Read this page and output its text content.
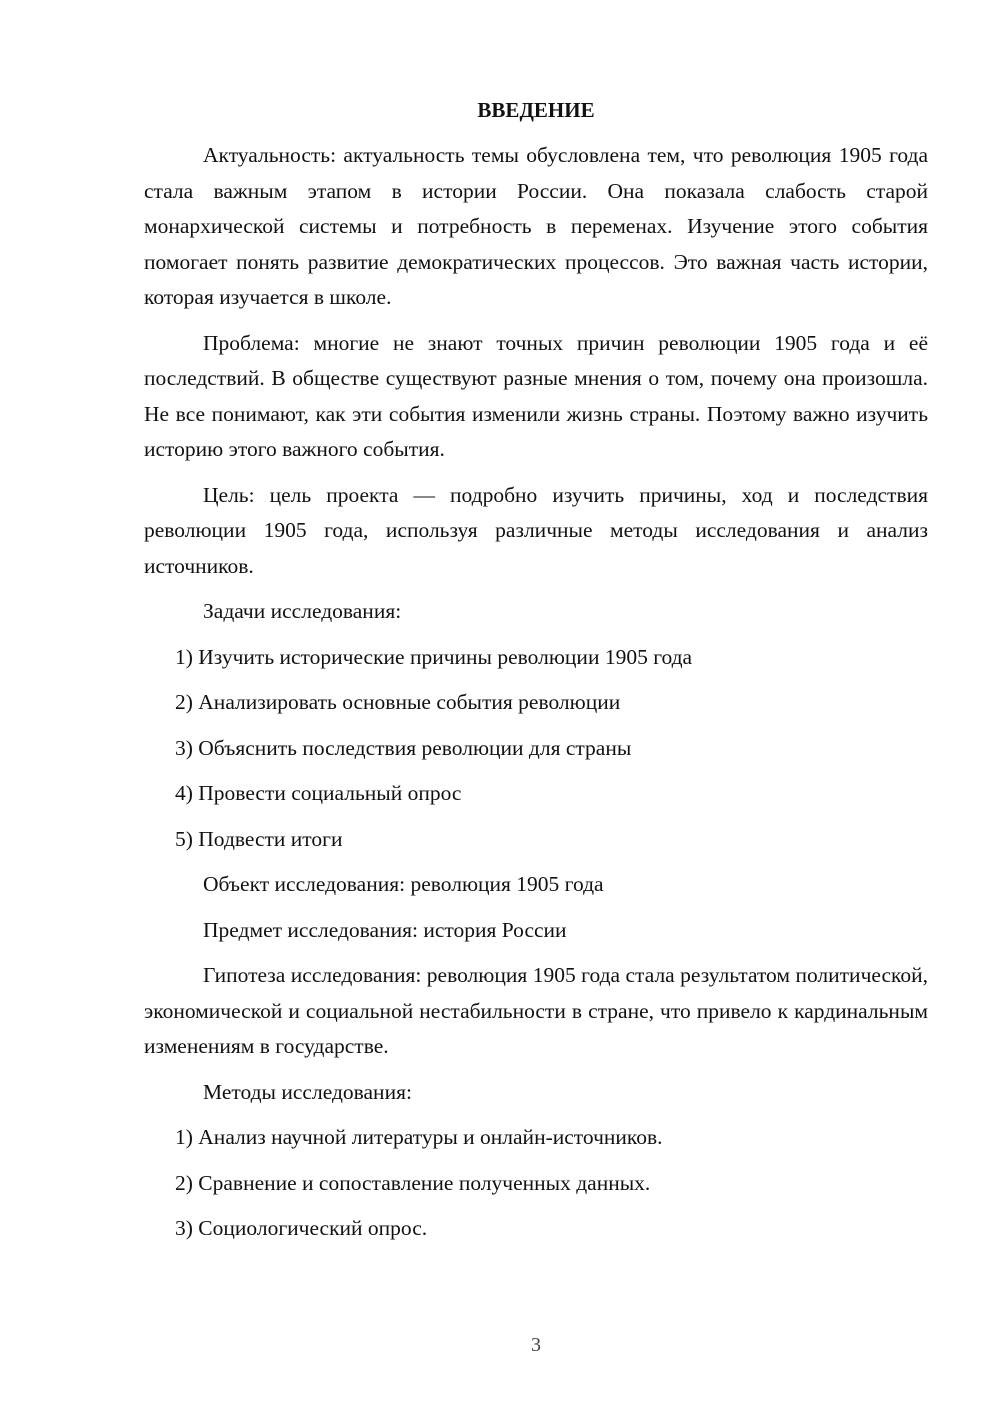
ВВЕДЕНИЕ

Актуальность: актуальность темы обусловлена тем, что революция 1905 года стала важным этапом в истории России. Она показала слабость старой монархической системы и потребность в переменах. Изучение этого события помогает понять развитие демократических процессов. Это важная часть истории, которая изучается в школе.

Проблема: многие не знают точных причин революции 1905 года и её последствий. В обществе существуют разные мнения о том, почему она произошла. Не все понимают, как эти события изменили жизнь страны. Поэтому важно изучить историю этого важного события.

Цель: цель проекта — подробно изучить причины, ход и последствия революции 1905 года, используя различные методы исследования и анализ источников.

Задачи исследования:

1) Изучить исторические причины революции 1905 года

2) Анализировать основные события революции

3) Объяснить последствия революции для страны

4) Провести социальный опрос

5) Подвести итоги

Объект исследования: революция 1905 года

Предмет исследования: история России

Гипотеза исследования: революция 1905 года стала результатом политической, экономической и социальной нестабильности в стране, что привело к кардинальным изменениям в государстве.

Методы исследования:

1) Анализ научной литературы и онлайн-источников.

2) Сравнение и сопоставление полученных данных.

3) Социологический опрос.

3
